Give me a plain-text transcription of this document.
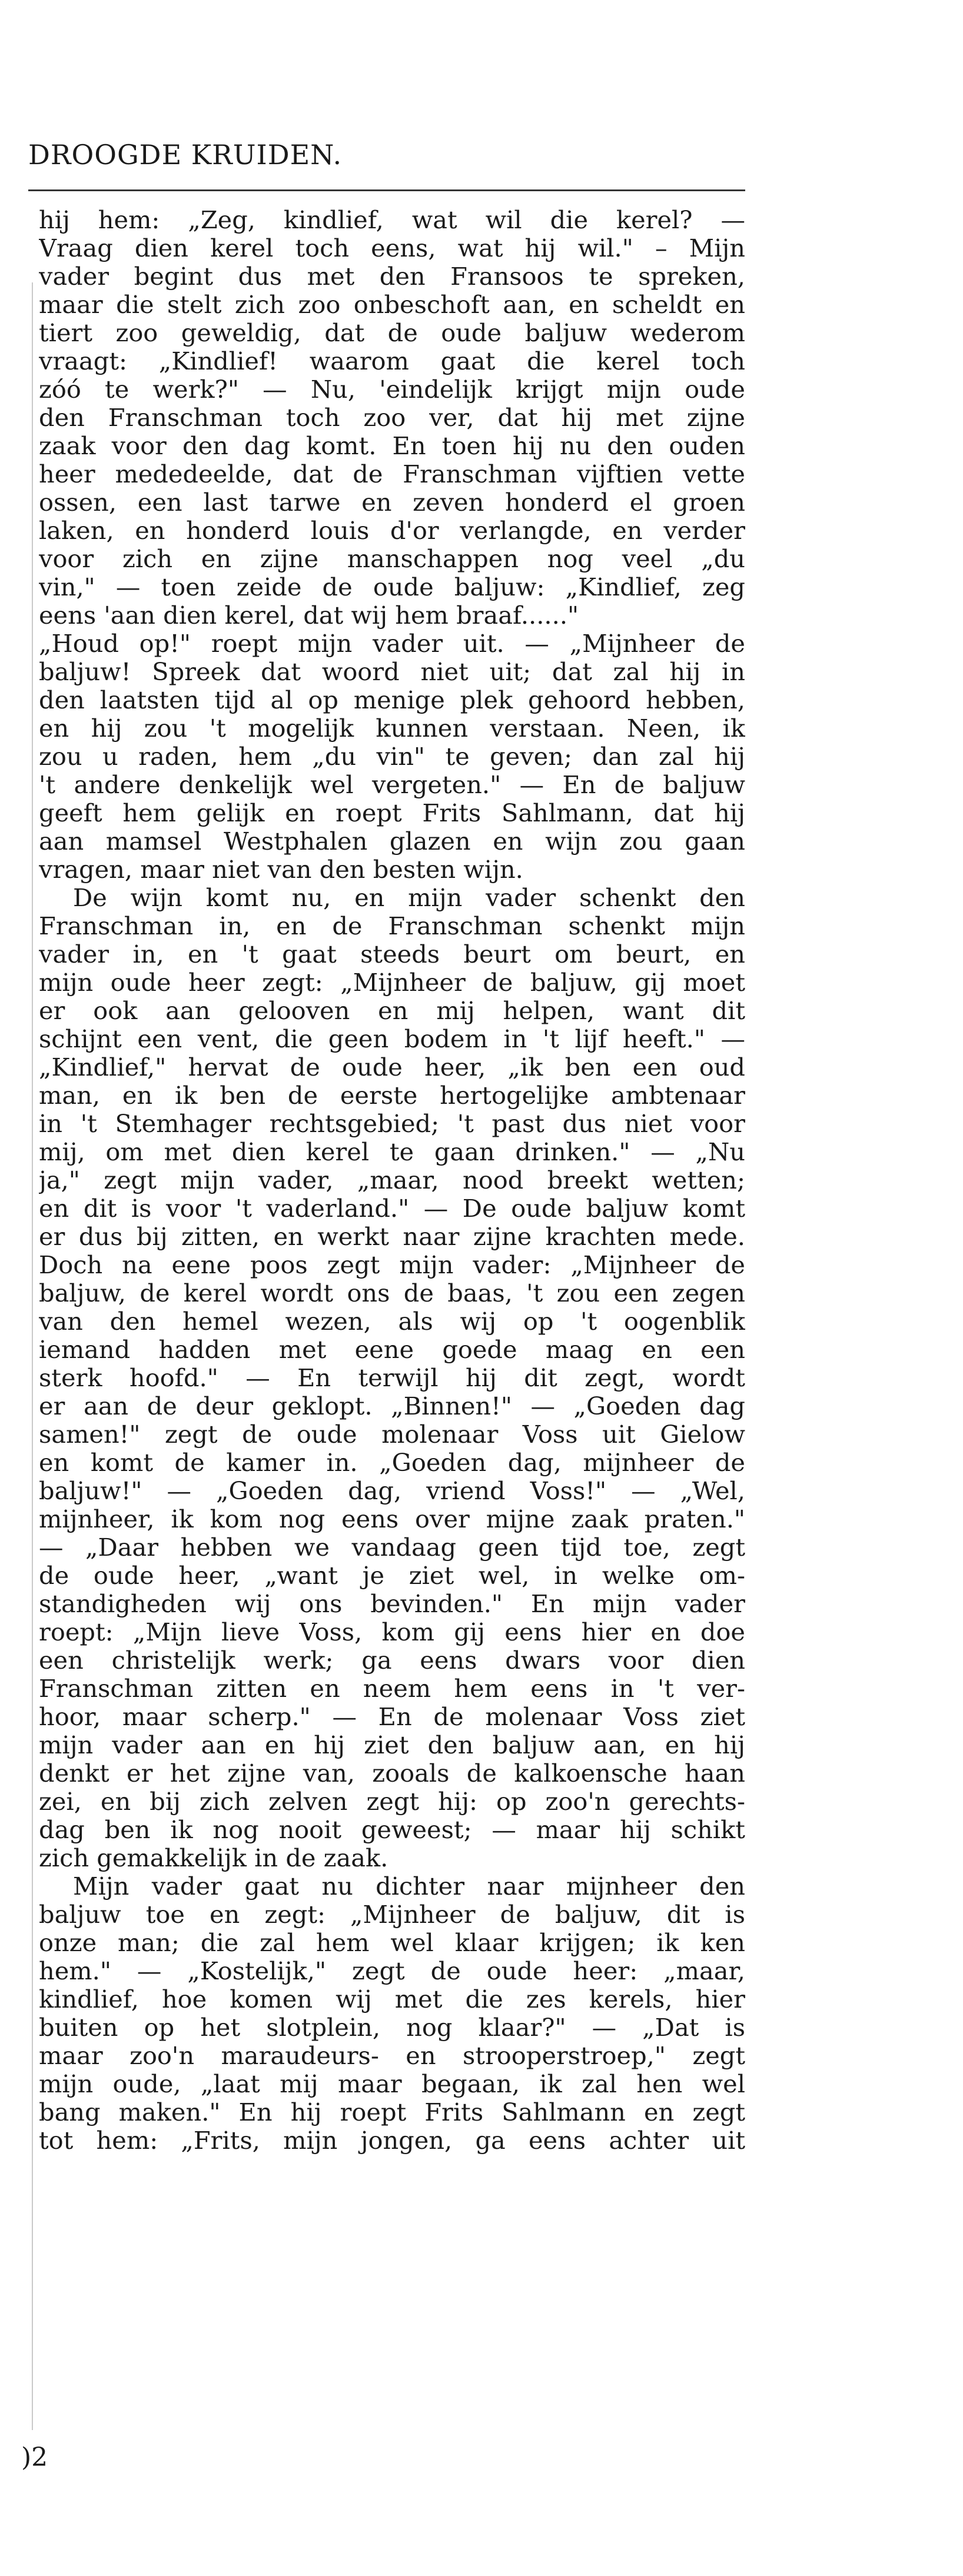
DROOGDE KRUIDEN.
hij hem: „Zeg, kindlief, wat wil die kerel? —
Vraag dien kerel toch eens, wat hij wil." – Mijn
vader begint dus met den Fransoos te spreken,
maar die stelt zich zoo onbeschoft aan, en scheldt en
tiert zoo geweldig, dat de oude baljuw wederom
vraagt: „Kindlief! waarom gaat die kerel toch
zóó te werk?" — Nu, 'eindelijk krijgt mijn oude
den Franschman toch zoo ver, dat hij met zijne
zaak voor den dag komt. En toen hij nu den ouden
heer mededeelde, dat de Franschman vijftien vette
ossen, een last tarwe en zeven honderd el groen
laken, en honderd louis d'or verlangde, en verder
voor zich en zijne manschappen nog veel „du
vin," — toen zeide de oude baljuw: „Kindlief, zeg
eens 'aan dien kerel, dat wij hem braaf......"
„Houd op!" roept mijn vader uit. — „Mijnheer de
baljuw! Spreek dat woord niet uit; dat zal hij in
den laatsten tijd al op menige plek gehoord hebben,
en hij zou 't mogelijk kunnen verstaan. Neen, ik
zou u raden, hem „du vin" te geven; dan zal hij
't andere denkelijk wel vergeten." — En de baljuw
geeft hem gelijk en roept Frits Sahlmann, dat hij
aan mamsel Westphalen glazen en wijn zou gaan
vragen, maar niet van den besten wijn.
De wijn komt nu, en mijn vader schenkt den
Franschman in, en de Franschman schenkt mijn
vader in, en 't gaat steeds beurt om beurt, en
mijn oude heer zegt: „Mijnheer de baljuw, gij moet
er ook aan gelooven en mij helpen, want dit
schijnt een vent, die geen bodem in 't lijf heeft." —
„Kindlief," hervat de oude heer, „ik ben een oud
man, en ik ben de eerste hertogelijke ambtenaar
in 't Stemhager rechtsgebied; 't past dus niet voor
mij, om met dien kerel te gaan drinken." — „Nu
ja," zegt mijn vader, „maar, nood breekt wetten;
en dit is voor 't vaderland." — De oude baljuw komt
er dus bij zitten, en werkt naar zijne krachten mede.
Doch na eene poos zegt mijn vader: „Mijnheer de
baljuw, de kerel wordt ons de baas, 't zou een zegen
van den hemel wezen, als wij op 't oogenblik
iemand hadden met eene goede maag en een
sterk hoofd." — En terwijl hij dit zegt, wordt
er aan de deur geklopt. „Binnen!" — „Goeden dag
samen!" zegt de oude molenaar Voss uit Gielow
en komt de kamer in. „Goeden dag, mijnheer de
baljuw!" — „Goeden dag, vriend Voss!" — „Wel,
mijnheer, ik kom nog eens over mijne zaak praten."
— „Daar hebben we vandaag geen tijd toe, zegt
de oude heer, „want je ziet wel, in welke om-
standigheden wij ons bevinden." En mijn vader
roept: „Mijn lieve Voss, kom gij eens hier en doe
een christelijk werk; ga eens dwars voor dien
Franschman zitten en neem hem eens in 't ver-
hoor, maar scherp." — En de molenaar Voss ziet
mijn vader aan en hij ziet den baljuw aan, en hij
denkt er het zijne van, zooals de kalkoensche haan
zei, en bij zich zelven zegt hij: op zoo'n gerechts-
dag ben ik nog nooit geweest; — maar hij schikt
zich gemakkelijk in de zaak.
Mijn vader gaat nu dichter naar mijnheer den
baljuw toe en zegt: „Mijnheer de baljuw, dit is
onze man; die zal hem wel klaar krijgen; ik ken
hem." — „Kostelijk," zegt de oude heer: „maar,
kindlief, hoe komen wij met die zes kerels, hier
buiten op het slotplein, nog klaar?" — „Dat is
maar zoo'n maraudeurs- en strooperstroep," zegt
mijn oude, „laat mij maar begaan, ik zal hen wel
bang maken." En hij roept Frits Sahlmann en zegt
tot hem: „Frits, mijn jongen, ga eens achter uit
)2
